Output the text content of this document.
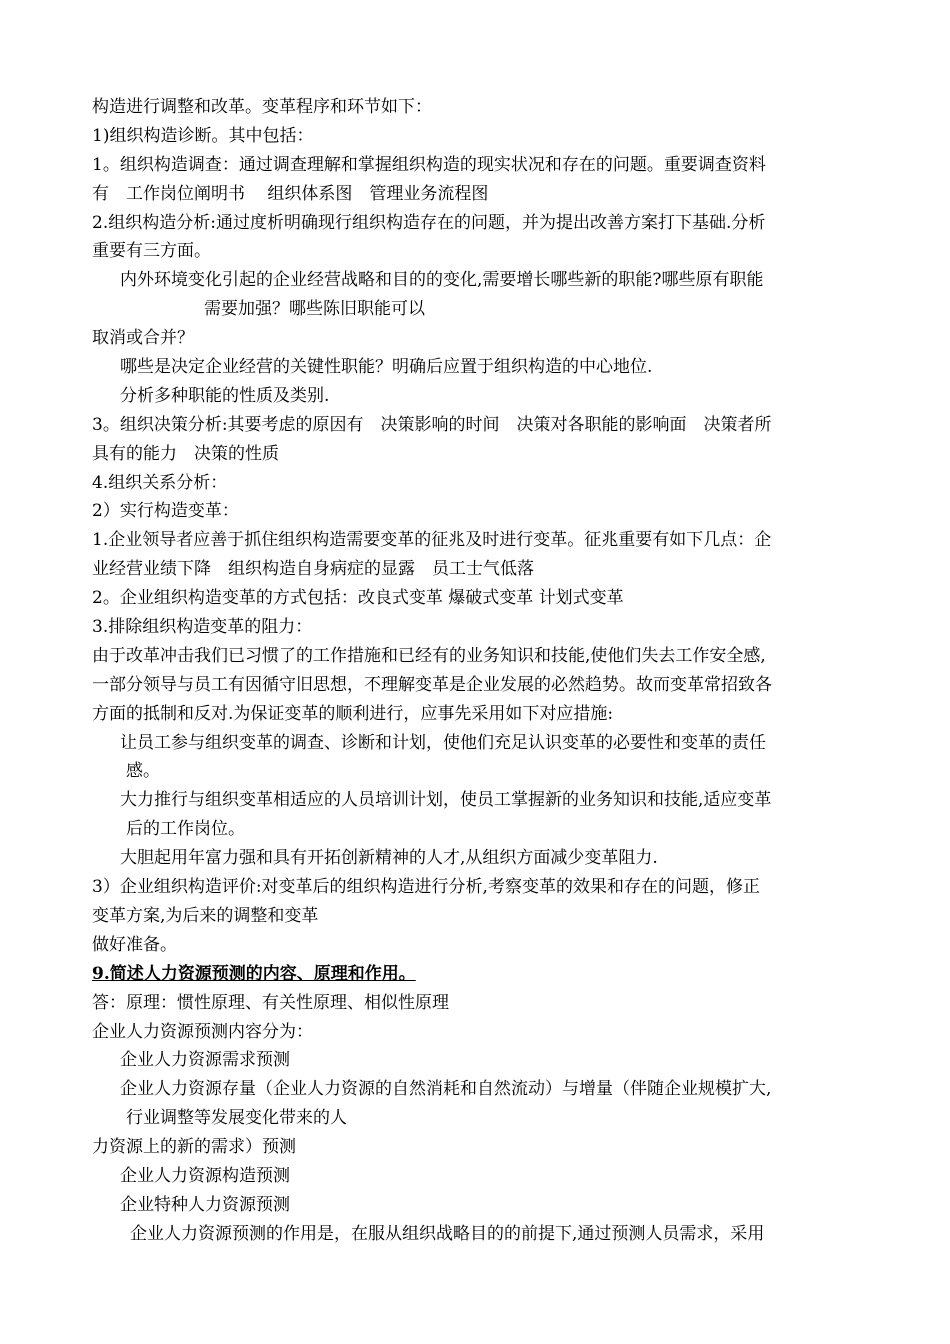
构造进行调整和改革。变革程序和环节如下：
1)组织构造诊断。其中包括：
1。组织构造调查：通过调查理解和掌握组织构造的现实状况和存在的问题。重要调查资料
有　工作岗位阐明书　 组织体系图　管理业务流程图
2.组织构造分析:通过度析明确现行组织构造存在的问题，并为提出改善方案打下基础.分析
重要有三方面。
内外环境变化引起的企业经营战略和目的的变化,需要增长哪些新的职能?哪些原有职能
需要加强？哪些陈旧职能可以
取消或合并？
哪些是决定企业经营的关键性职能？明确后应置于组织构造的中心地位.
分析多种职能的性质及类别.
3。组织决策分析:其要考虑的原因有　决策影响的时间　决策对各职能的影响面　决策者所
具有的能力　决策的性质
4.组织关系分析：
2）实行构造变革：
1.企业领导者应善于抓住组织构造需要变革的征兆及时进行变革。征兆重要有如下几点：企
业经营业绩下降　组织构造自身病症的显露　员工士气低落
2。企业组织构造变革的方式包括：改良式变革 爆破式变革 计划式变革
3.排除组织构造变革的阻力：
由于改革冲击我们已习惯了的工作措施和已经有的业务知识和技能,使他们失去工作安全感,
一部分领导与员工有因循守旧思想，不理解变革是企业发展的必然趋势。故而变革常招致各
方面的抵制和反对.为保证变革的顺利进行，应事先采用如下对应措施:
让员工参与组织变革的调查、诊断和计划，使他们充足认识变革的必要性和变革的责任
感。
大力推行与组织变革相适应的人员培训计划，使员工掌握新的业务知识和技能,适应变革
后的工作岗位。
大胆起用年富力强和具有开拓创新精神的人才,从组织方面减少变革阻力.
3）企业组织构造评价:对变革后的组织构造进行分析,考察变革的效果和存在的问题，修正
变革方案,为后来的调整和变革
做好准备。
9.简述人力资源预测的内容、原理和作用。
答：原理：惯性原理、有关性原理、相似性原理
企业人力资源预测内容分为：
企业人力资源需求预测
企业人力资源存量（企业人力资源的自然消耗和自然流动）与增量（伴随企业规模扩大,
行业调整等发展变化带来的人
力资源上的新的需求）预测
企业人力资源构造预测
企业特种人力资源预测
企业人力资源预测的作用是，在服从组织战略目的的前提下,通过预测人员需求，采用
